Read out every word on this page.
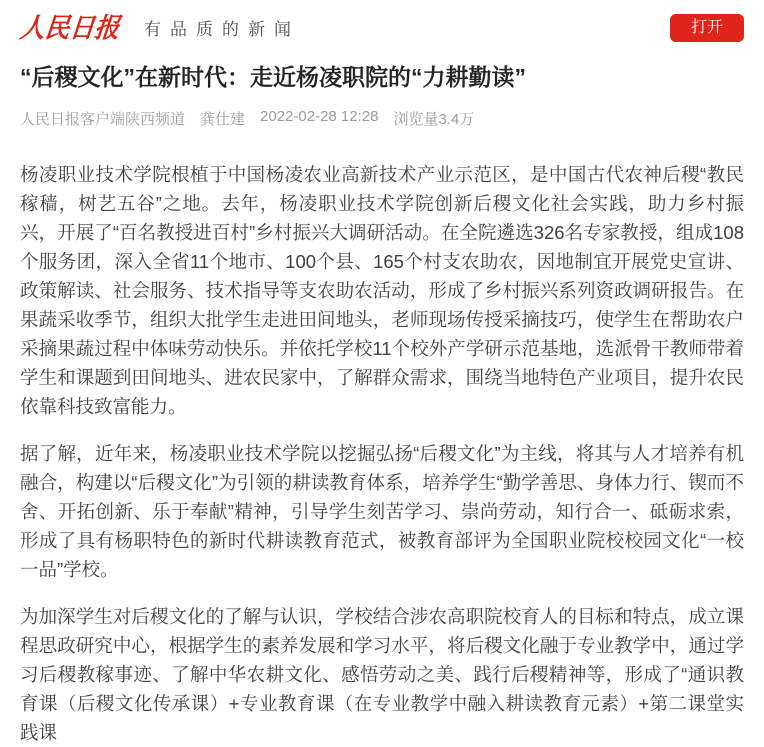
人民日报 有品质的新闻	打开
“后稷文化”在新时代：走近杨凌职院的“力耕勤读”
人民日报客户端陕西频道 龚仕建 2022-02-28 12:28 浏览量3.4万

杨凌职业技术学院根植于中国杨凌农业高新技术产业示范区，是中国古代农神后稷“教民稼穑，树艺五谷”之地。去年，杨凌职业技术学院创新后稷文化社会实践，助力乡村振兴，开展了“百名教授进百村”乡村振兴大调研活动。在全院遴选326名专家教授，组成108个服务团，深入全省11个地市、100个县、165个村支农助农，因地制宜开展党史宣讲、政策解读、社会服务、技术指导等支农助农活动，形成了乡村振兴系列资政调研报告。在果蔬采收季节，组织大批学生走进田间地头，老师现场传授采摘技巧，使学生在帮助农户采摘果蔬过程中体味劳动快乐。并依托学校11个校外产学研示范基地，选派骨干教师带着学生和课题到田间地头、进农民家中，了解群众需求，围绕当地特色产业项目，提升农民依靠科技致富能力。

据了解，近年来，杨凌职业技术学院以挖掘弘扬“后稷文化”为主线，将其与人才培养有机融合，构建以“后稷文化”为引领的耕读教育体系，培养学生“勤学善思、身体力行、锲而不舍、开拓创新、乐于奉献”精神，引导学生刻苦学习、崇尚劳动，知行合一、砥砺求索，形成了具有杨职特色的新时代耕读教育范式，被教育部评为全国职业院校校园文化“一校一品”学校。

为加深学生对后稷文化的了解与认识，学校结合涉农高职院校育人的目标和特点，成立课程思政研究中心，根据学生的素养发展和学习水平，将后稷文化融于专业教学中，通过学习后稷教稼事迹、了解中华农耕文化、感悟劳动之美、践行后稷精神等，形成了“通识教育课（后稷文化传承课）+专业教育课（在专业教学中融入耕读教育元素）+第二课堂实践课
